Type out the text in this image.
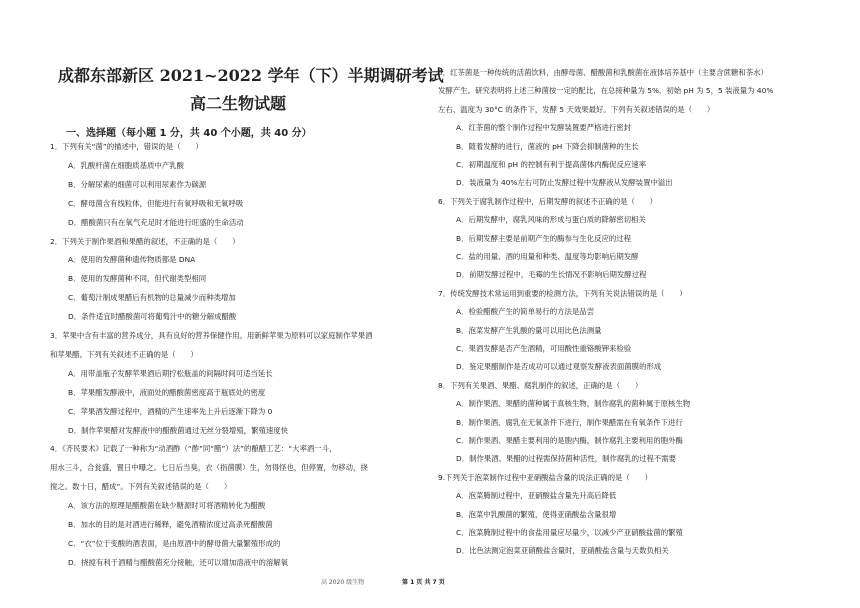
成都东部新区 2021~2022 学年（下）半期调研考试
高二生物试题
一、选择题（每小题 1 分，共 40 个小题，共 40 分）
1．下列有关“菌”的描述中，错误的是（　　）
A．乳酸杆菌在细胞质基质中产乳酸
B．分解尿素的细菌可以利用尿素作为碳源
C．酵母菌含有线粒体，但能进行有氧呼吸和无氧呼吸
D．醋酸菌只有在氧气充足时才能进行旺盛的生命活动
2．下列关于制作果酒和果醋的叙述，不正确的是（　　）
A．使用的发酵菌种遗传物质都是 DNA
B．使用的发酵菌种不同，但代谢类型相同
C．葡萄汁制成果醋后有机物的总量减少而种类增加
D．条件适宜时醋酸菌可将葡萄汁中的糖分解成醋酸
3．苹果中含有丰富的营养成分，具有良好的营养保健作用。用新鲜苹果为原料可以家庭制作苹果酒
和苹果醋。下列有关叙述不正确的是（　　）
A．用带盖瓶子发酵苹果酒后期拧松瓶盖的间隔时间可适当延长
B．苹果醋发酵液中，液面处的醋酸菌密度高于瓶底处的密度
C．苹果酒发酵过程中，酒精的产生速率先上升后逐渐下降为 0
D．制作苹果醋对发酵液中的醋酸菌通过无丝分裂增殖，繁殖速度快
4．《齐民要术》记载了一种称为“动酒酢（“酢”同“醋”）法”的酿醋工艺：“大率酒一斗，
用水三斗，合瓮盛，置日中曝之。七日后当臭，衣（指菌膜）生，勿得怪也，但停置，勿移动，挠
搅之。数十日，醋成”。下列有关叙述错误的是（　　）
A．该方法的原理是醋酸菌在缺少糖源时可将酒精转化为醋酸
B．加水的目的是对酒进行稀释，避免酒精浓度过高杀死醋酸菌
C．“衣”位于变酸的酒表面，是由原酒中的酵母菌大量繁殖形成的
D．挠搅有利于酒精与醋酸菌充分接触，还可以增加溶液中的溶解氧
5．红茶菌是一种传统的活菌饮料，由酵母菌、醋酸菌和乳酸菌在液体培养基中（主要含蔗糖和茶水）
发酵产生。研究表明将上述三种菌按一定的配比，在总接种量为 5%、初始 pH 为 5，5 装液量为 40%
左右、温度为 30°C 的条件下，发酵 5 天效果最好。下列有关叙述错误的是（　　）
A．红茶菌的整个制作过程中发酵装置要严格进行密封
B．随着发酵的进行，菌液的 pH 下降会抑制菌种的生长
C．初期温度和 pH 的控制有利于提高菌体内酶促反应速率
D．装液量为 40%左右可防止发酵过程中发酵液从发酵装置中溢出
6．下列关于腐乳制作过程中，后期发酵的叙述不正确的是（　　）
A．后期发酵中，腐乳风味的形成与蛋白质的降解密切相关
B．后期发酵主要是前期产生的酶参与生化反应的过程
C．盐的用量、酒的用量和种类、温度等均影响后期发酵
D．前期发酵过程中，毛霉的生长情况不影响后期发酵过程
7．传统发酵技术常运用到重要的检测方法，下列有关说法错误的是（　　）
A．检验醋酸产生的简单易行的方法是品尝
B．泡菜发酵产生乳酸的量可以用比色法测量
C．果酒发酵是否产生酒精，可用酸性重铬酸钾来检验
D．鉴定果醋制作是否成功可以通过观察发酵液表面菌膜的形成
8．下列有关果酒、果醋、腐乳制作的叙述，正确的是（　　）
A．制作果酒、果醋的菌种属于真核生物，制作腐乳的菌种属于原核生物
B．制作果酒、腐乳在无氧条件下进行，制作果醋需在有氧条件下进行
C．制作果酒、果醋主要利用的是胞内酶，制作腐乳主要利用的胞外酶
D．制作果酒、果醋的过程需保持菌种活性，制作腐乳的过程不需要
9.下列关于泡菜制作过程中亚硝酸盐含量的说法正确的是（　　）
A．泡菜腌制过程中，亚硝酸盐含量先升高后降低
B．泡菜中乳酸菌的繁殖，使得亚硝酸盐含量很增
C．泡菜腌制过程中的食盐用量应尽量少，以减少产亚硝酸盐菌的繁殖
D．比色法测定泡菜亚硝酸盐含量时，亚硝酸盐含量与天数负相关
高 2020 级生物	第 1 页 共 7 页
